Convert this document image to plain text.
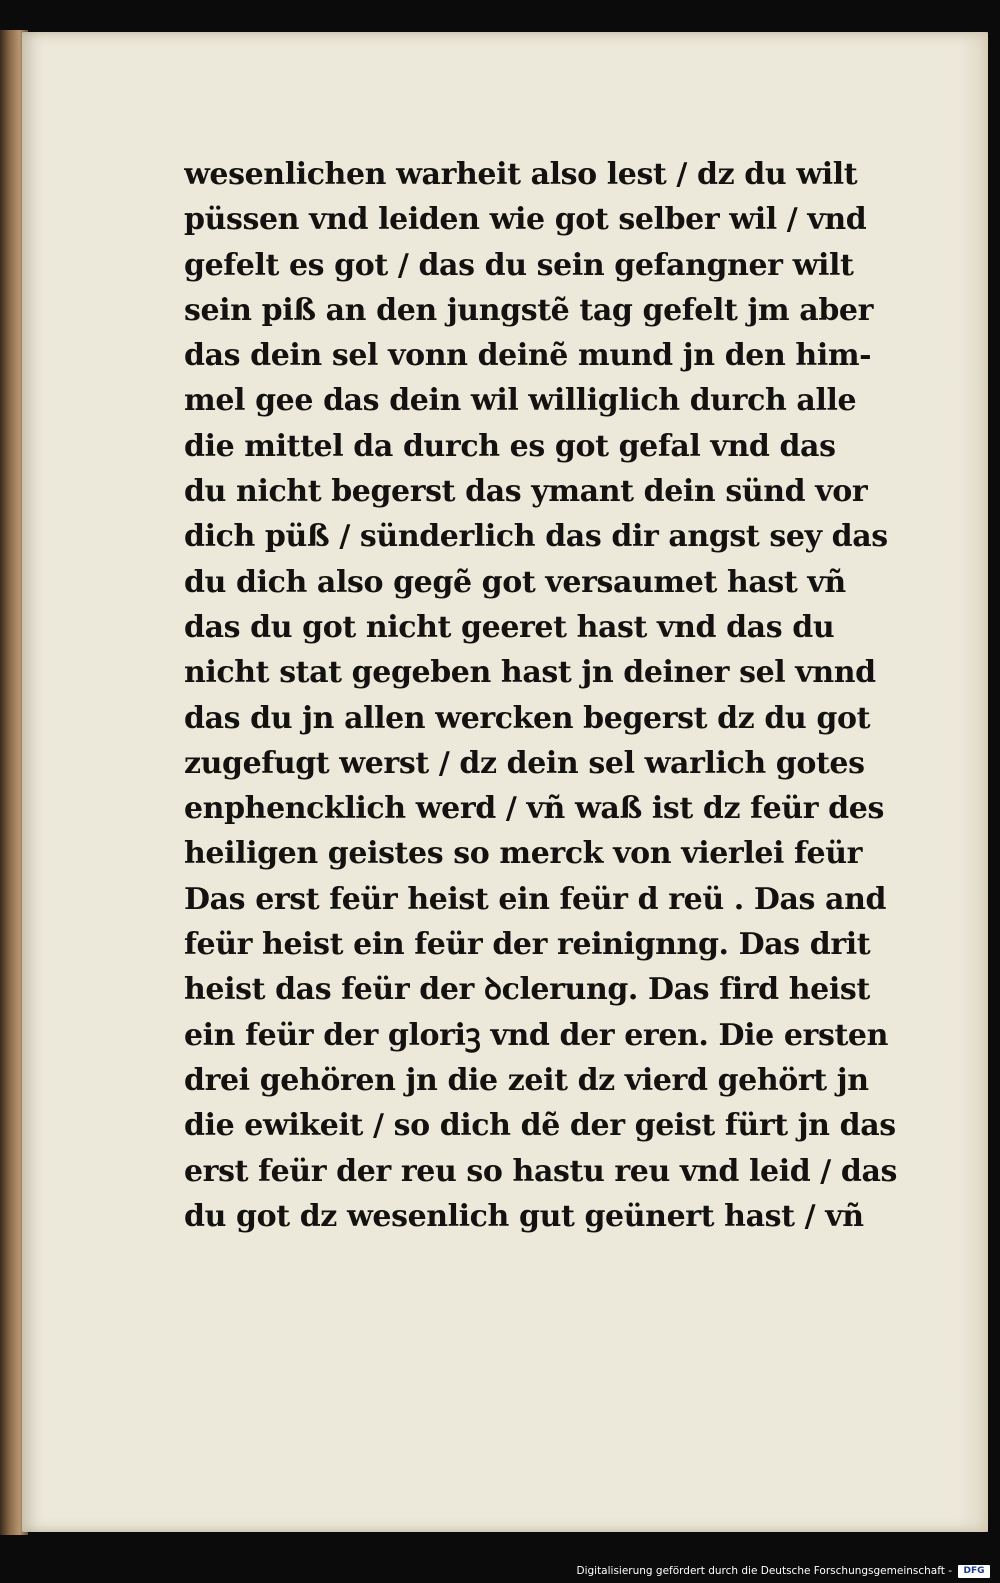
wesenlichen warheit also lest / dz du wilt
püssen vnd leiden wie got selber wil / vnd
gefelt es got / das du sein gefangner wilt
sein piß an den jungstẽ tag gefelt jm aber
das dein sel vonn deinẽ mund jn den him-
mel gee das dein wil williglich durch alle
die mittel da durch es got gefal vnd das
du nicht begerst das ymant dein sünd vor
dich püß / sünderlich das dir angst sey das
du dich also gegẽ got versaumet hast vñ
das du got nicht geeret hast vnd das du
nicht stat gegeben hast jn deiner sel vnnd
das du jn allen wercken begerst dz du got
zugefugt werst / dz dein sel warlich gotes
enphencklich werd / vñ waß ist dz feür des
heiligen geistes so merck von vierlei feür
Das erst feür heist ein feür d reü . Das and
feür heist ein feür der reinignng. Das drit
heist das feür der ꝺclerung. Das fird heist
ein feür der gloriꝫ vnd der eren. Die ersten
drei gehören jn die zeit dz vierd gehört jn
die ewikeit / so dich dẽ der geist fürt jn das
erst feür der reu so hastu reu vnd leid / das
du got dz wesenlich gut geünert hast / vñ
Digitalisierung gefördert durch die Deutsche Forschungsgemeinschaft -	DFG
